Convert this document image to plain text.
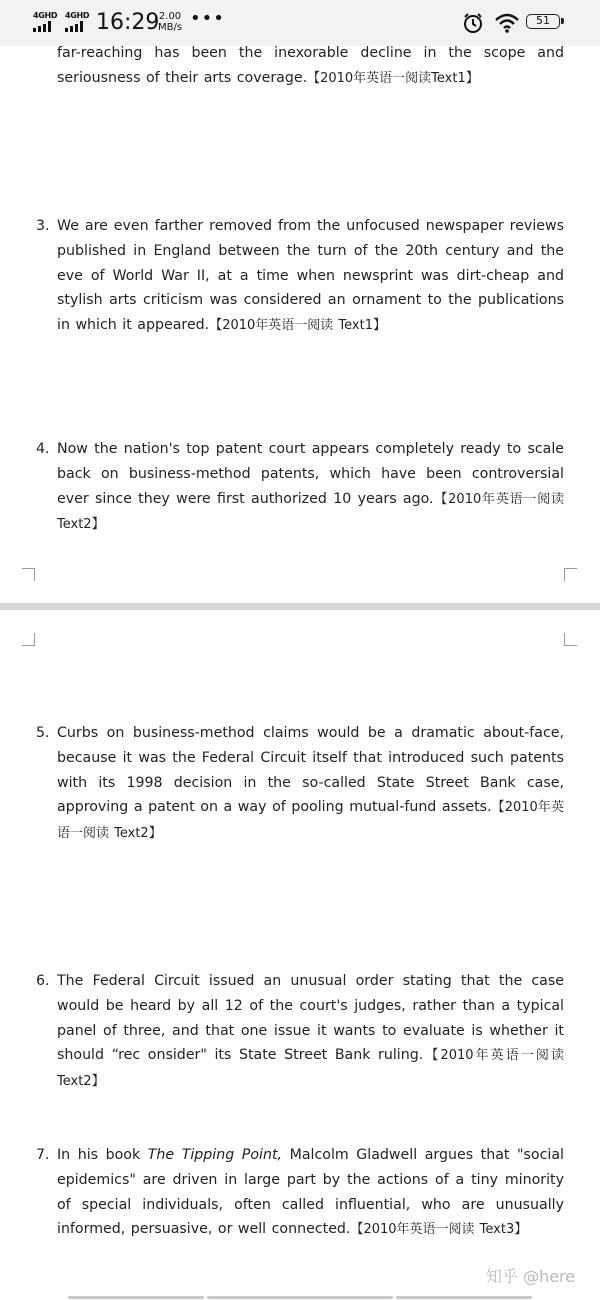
4GHD 4GHD 16:29 2.00
MB/s •••	51
far-reaching has been the inexorable decline in the scope and seriousness of their arts coverage.【2010年英语一阅读Text1】
3. We are even farther removed from the unfocused newspaper reviews published in England between the turn of the 20th century and the eve of World War II, at a time when newsprint was dirt-cheap and stylish arts criticism was considered an ornament to the publications in which it appeared.【2010年英语一阅读 Text1】
4. Now the nation's top patent court appears completely ready to scale back on business-method patents, which have been controversial ever since they were first authorized 10 years ago.【2010年英语一阅读 Text2】
5. Curbs on business-method claims would be a dramatic about-face, because it was the Federal Circuit itself that introduced such patents with its 1998 decision in the so-called State Street Bank case, approving a patent on a way of pooling mutual-fund assets.【2010年英语一阅读 Text2】
6. The Federal Circuit issued an unusual order stating that the case would be heard by all 12 of the court's judges, rather than a typical panel of three, and that one issue it wants to evaluate is whether it should “rec onsider" its State Street Bank ruling.【2010年英语一阅读 Text2】
7. In his book The Tipping Point, Malcolm Gladwell argues that "social epidemics" are driven in large part by the actions of a tiny minority of special individuals, often called influential, who are unusually informed, persuasive, or well connected.【2010年英语一阅读 Text3】
知乎 @here
